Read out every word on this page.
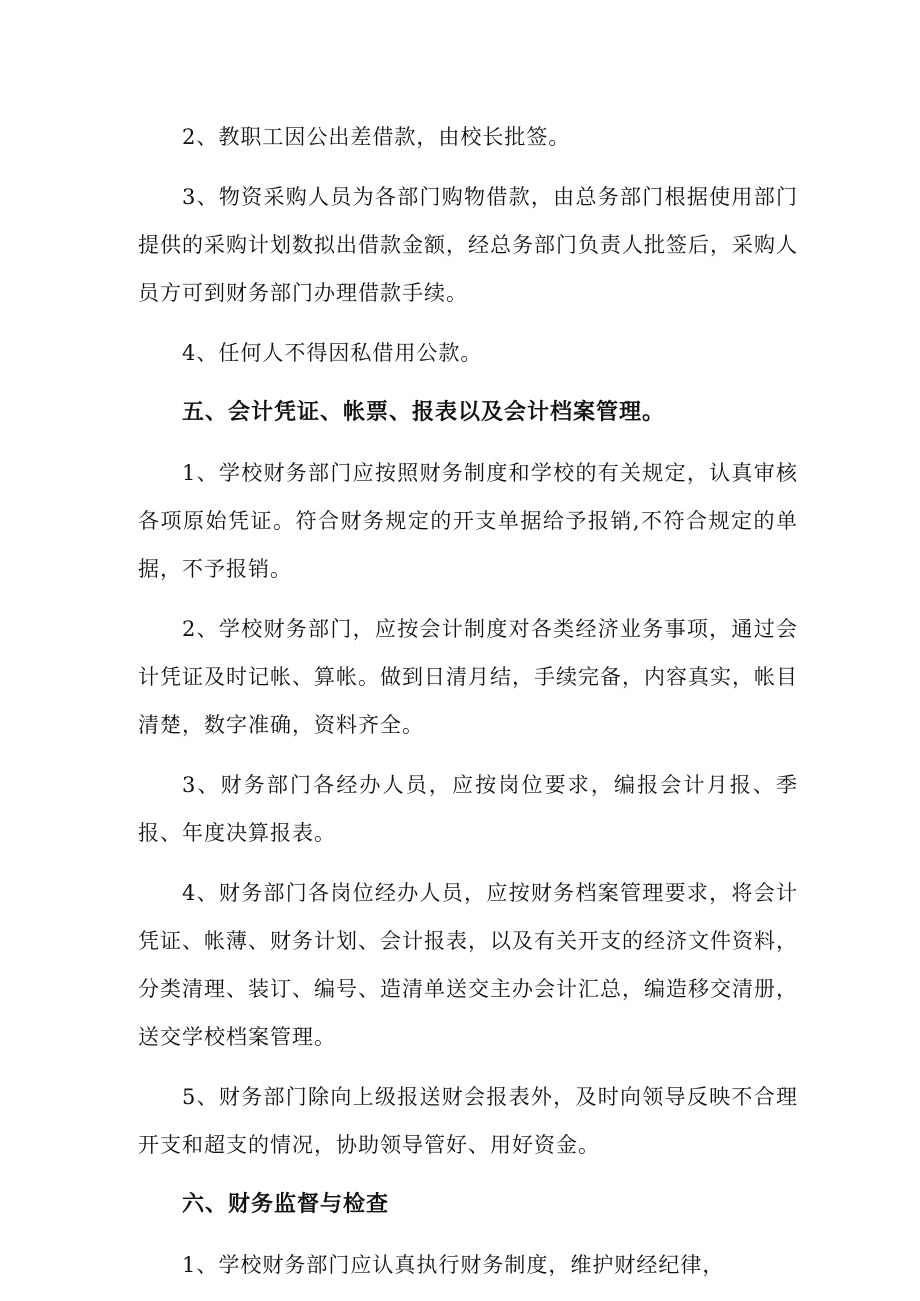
2、教职工因公出差借款，由校长批签。

3、物资采购人员为各部门购物借款，由总务部门根据使用部门提供的采购计划数拟出借款金额，经总务部门负责人批签后，采购人员方可到财务部门办理借款手续。

4、任何人不得因私借用公款。

五、会计凭证、帐票、报表以及会计档案管理。

1、学校财务部门应按照财务制度和学校的有关规定，认真审核各项原始凭证。符合财务规定的开支单据给予报销,不符合规定的单据，不予报销。

2、学校财务部门，应按会计制度对各类经济业务事项，通过会计凭证及时记帐、算帐。做到日清月结，手续完备，内容真实，帐目清楚，数字准确，资料齐全。

3、财务部门各经办人员，应按岗位要求，编报会计月报、季报、年度决算报表。

4、财务部门各岗位经办人员，应按财务档案管理要求，将会计凭证、帐薄、财务计划、会计报表，以及有关开支的经济文件资料，分类清理、装订、编号、造清单送交主办会计汇总，编造移交清册，送交学校档案管理。

5、财务部门除向上级报送财会报表外，及时向领导反映不合理开支和超支的情况，协助领导管好、用好资金。

六、财务监督与检查

1、学校财务部门应认真执行财务制度，维护财经纪律，
